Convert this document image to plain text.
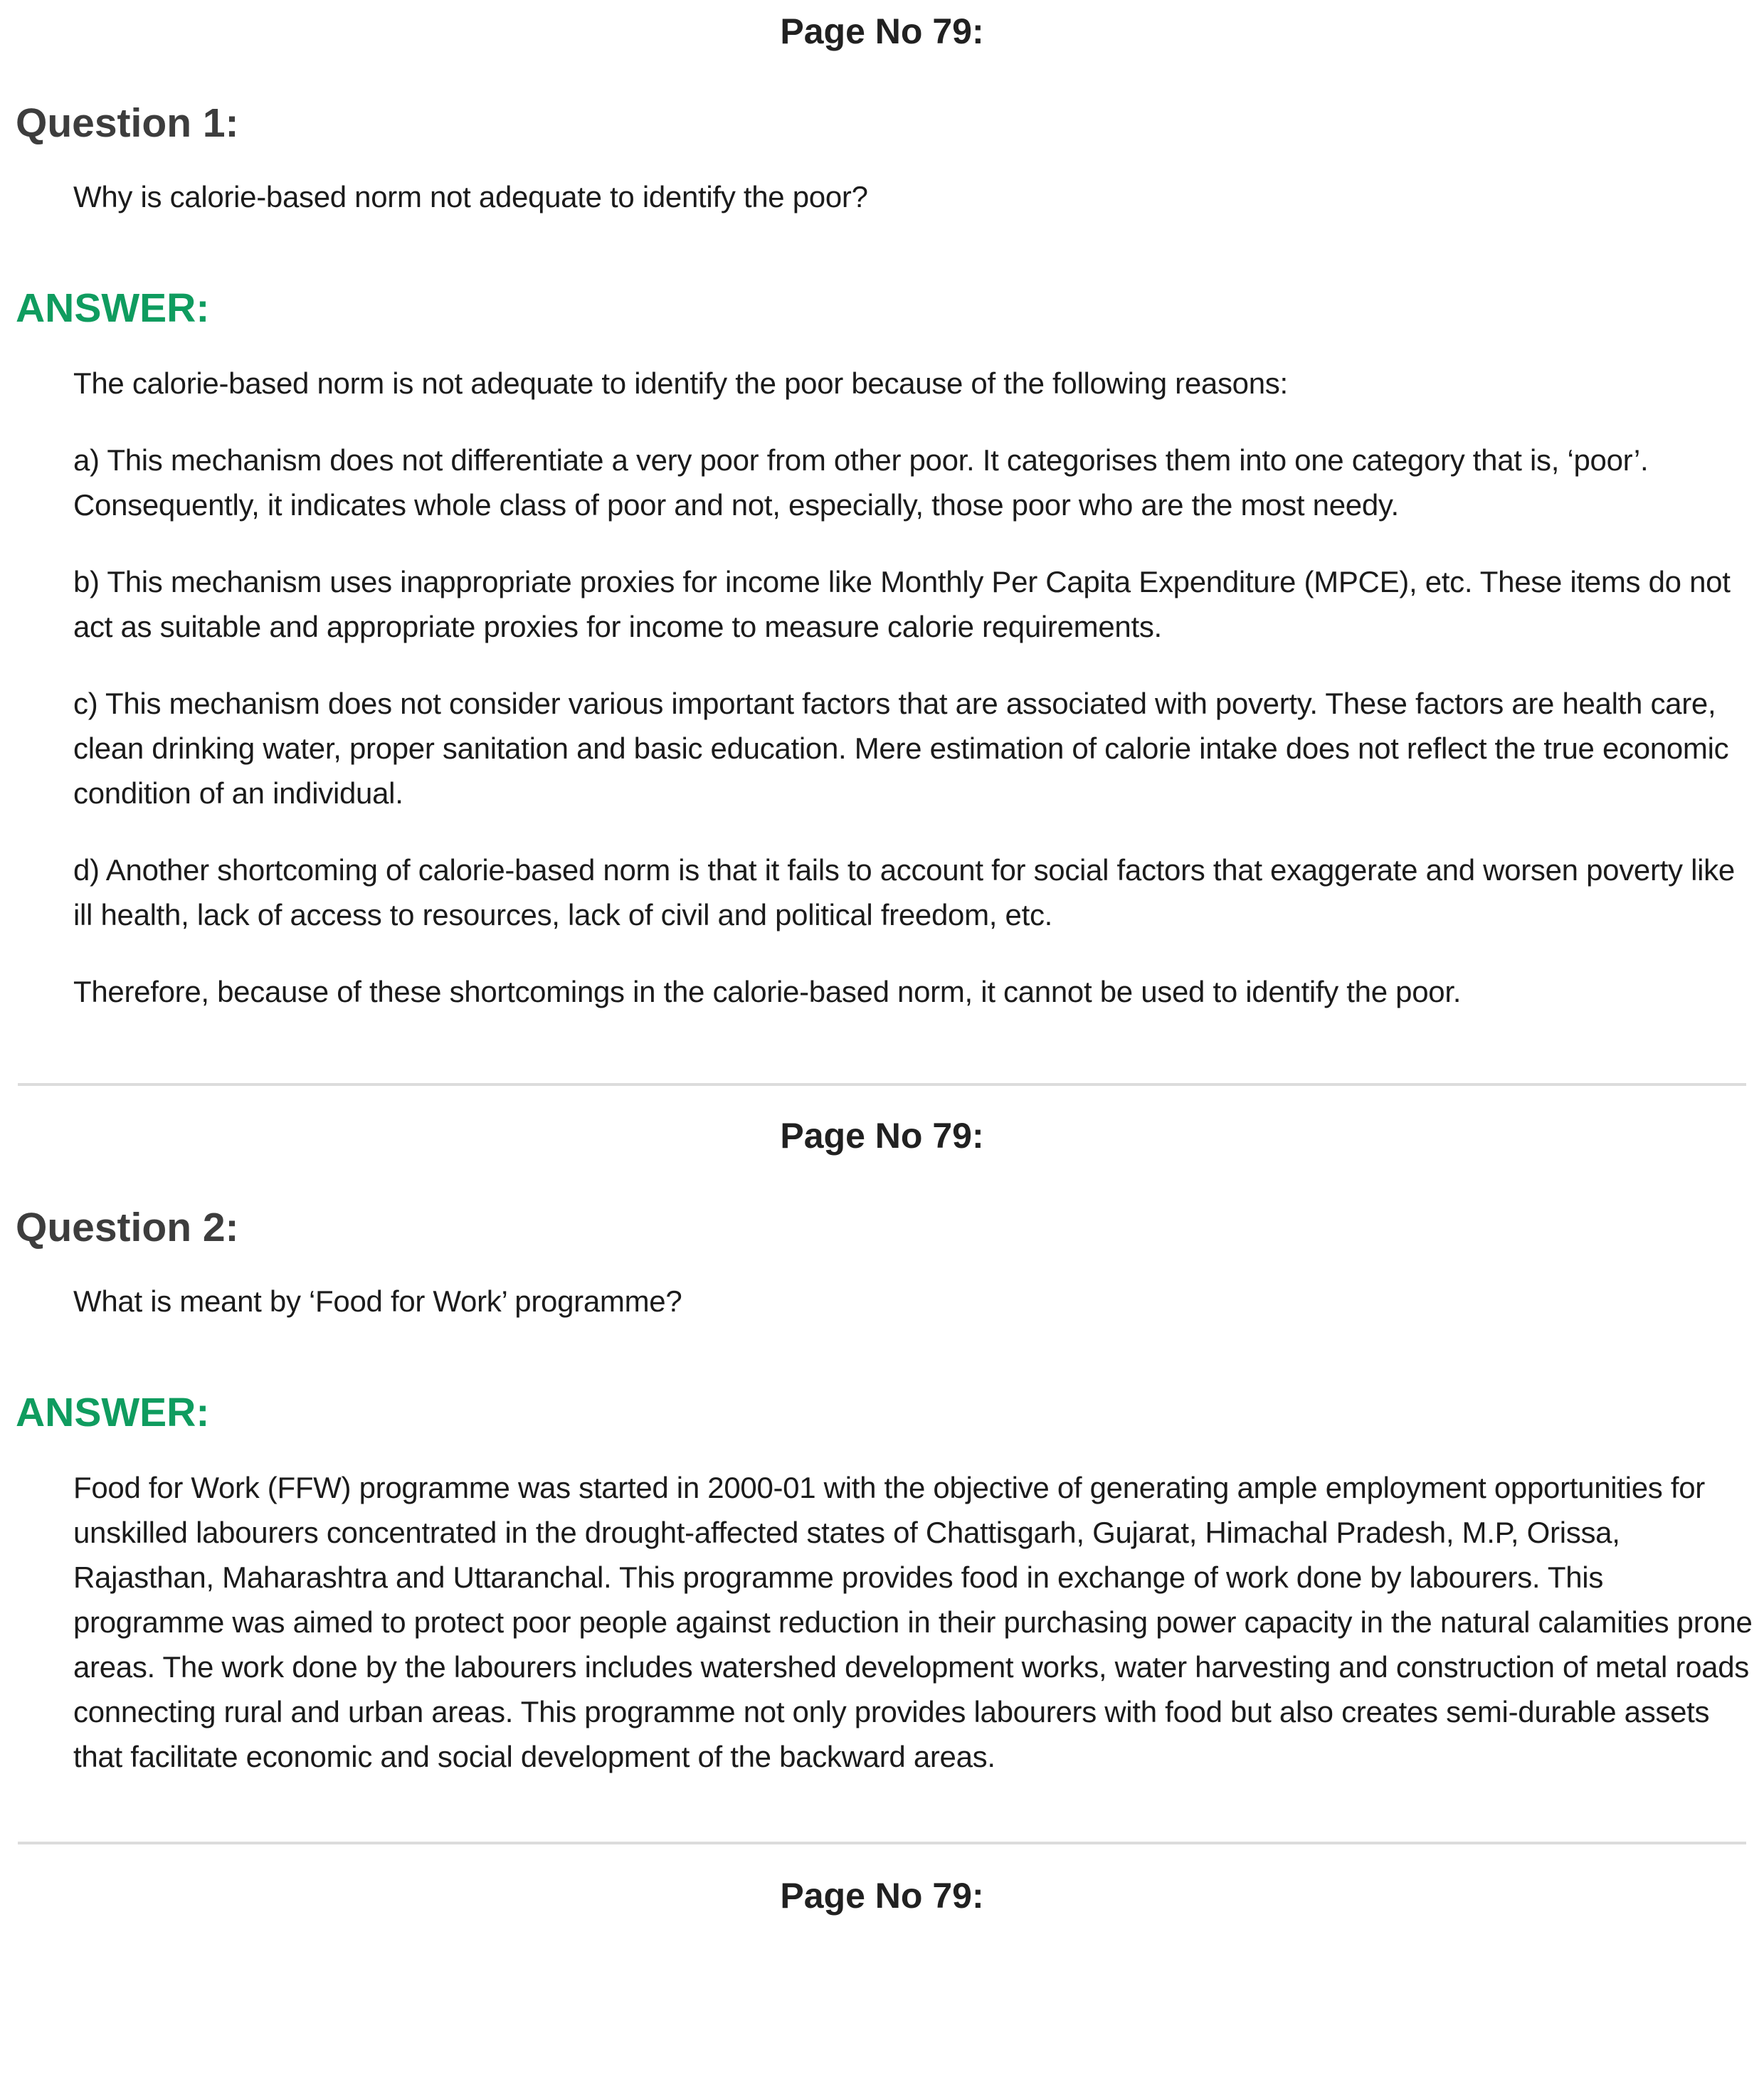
Page No 79:
Question 1:
Why is calorie-based norm not adequate to identify the poor?
ANSWER:

The calorie-based norm is not adequate to identify the poor because of the following reasons:

a) This mechanism does not differentiate a very poor from other poor. It categorises them into one category that is, ‘poor’. Consequently, it indicates whole class of poor and not, especially, those poor who are the most needy.

b) This mechanism uses inappropriate proxies for income like Monthly Per Capita Expenditure (MPCE), etc. These items do not act as suitable and appropriate proxies for income to measure calorie requirements.

c) This mechanism does not consider various important factors that are associated with poverty. These factors are health care, clean drinking water, proper sanitation and basic education. Mere estimation of calorie intake does not reflect the true economic condition of an individual.

d) Another shortcoming of calorie-based norm is that it fails to account for social factors that exaggerate and worsen poverty like ill health, lack of access to resources, lack of civil and political freedom, etc.

Therefore, because of these shortcomings in the calorie-based norm, it cannot be used to identify the poor.

Page No 79:
Question 2:
What is meant by ‘Food for Work’ programme?
ANSWER:

Food for Work (FFW) programme was started in 2000-01 with the objective of generating ample employment opportunities for unskilled labourers concentrated in the drought-affected states of Chattisgarh, Gujarat, Himachal Pradesh, M.P, Orissa, Rajasthan, Maharashtra and Uttaranchal. This programme provides food in exchange of work done by labourers. This programme was aimed to protect poor people against reduction in their purchasing power capacity in the natural calamities prone areas. The work done by the labourers includes watershed development works, water harvesting and construction of metal roads connecting rural and urban areas. This programme not only provides labourers with food but also creates semi-durable assets that facilitate economic and social development of the backward areas.

Page No 79:
